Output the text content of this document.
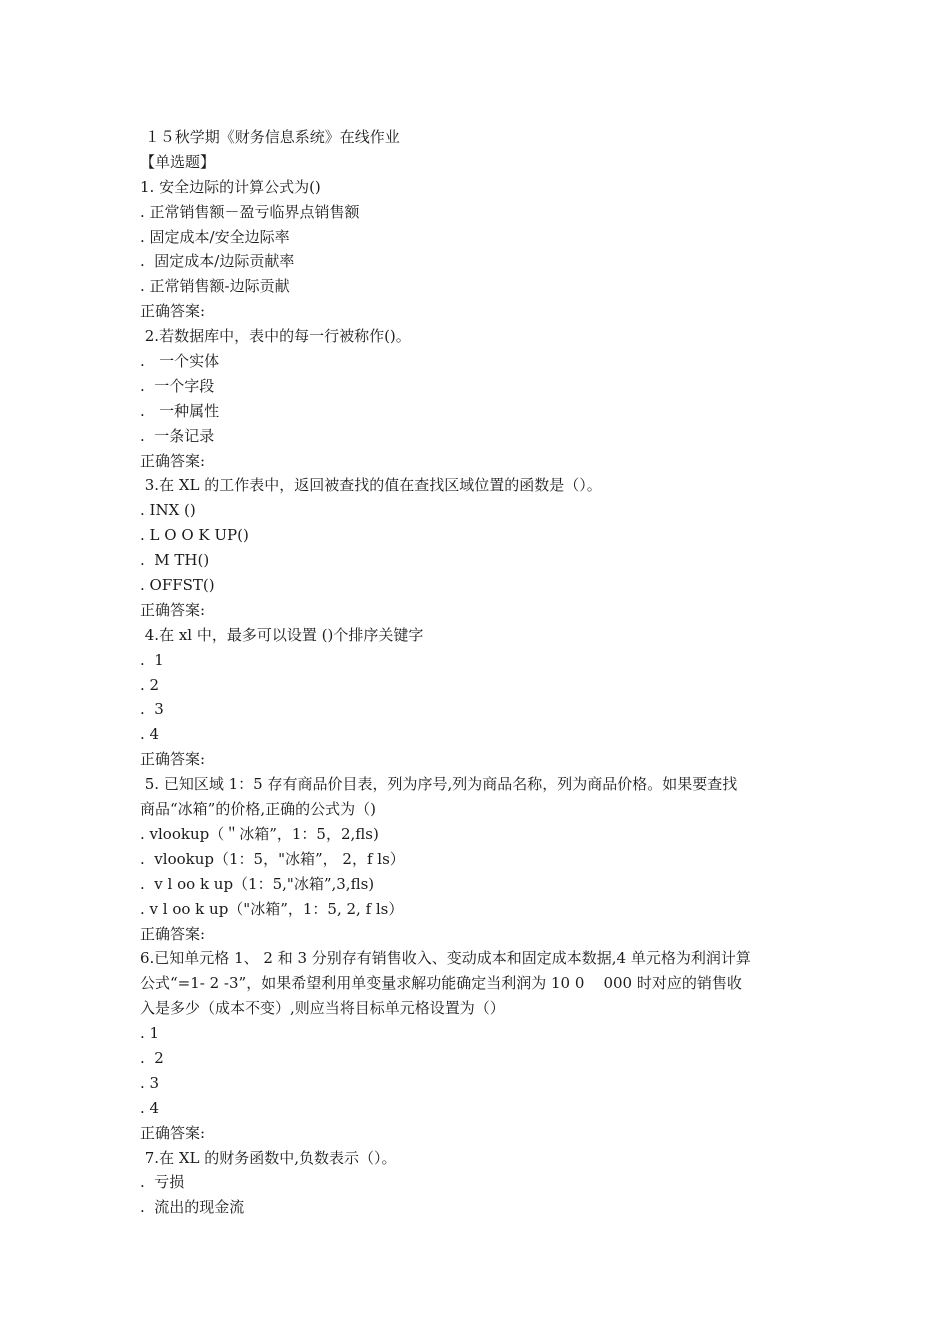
１５秋学期《财务信息系统》在线作业
【单选题】
1. 安全边际的计算公式为()
. 正常销售额－盈亏临界点销售额
. 固定成本/安全边际率
.  固定成本/边际贡献率
. 正常销售额-边际贡献
正确答案:
2.若数据库中，表中的每一行被称作()。
.   一个实体
.  一个字段
.   一种属性
.  一条记录
正确答案:
3.在 XL 的工作表中，返回被查找的值在查找区域位置的函数是（）。
. INX ()
. L O O K UP()
.  M TH()
. OFFST()
正确答案:
4.在 xl 中，最多可以设置 ()个排序关键字
.  1
. 2
.  3
. 4
正确答案:
5. 已知区域 1：5 存有商品价目表，列为序号,列为商品名称，列为商品价格。如果要查找
商品“冰箱”的价格,正确的公式为（)
. vlookup（＂冰箱”，1：5，2,fls)
.  vlookup（1：5，"冰箱”， 2，f ls）
.  v l oo k up（1：5,"冰箱”,3,fls)
. v l oo k up（"冰箱”，1：5, 2, f ls）
正确答案:
6.已知单元格 1、 2 和 3 分别存有销售收入、变动成本和固定成本数据,4 单元格为利润计算
公式“=1- 2 -3”，如果希望利用单变量求解功能确定当利润为 10 0    000 时对应的销售收
入是多少（成本不变）,则应当将目标单元格设置为（）
. 1
.  2
. 3
. 4
正确答案:
7.在 XL 的财务函数中,负数表示（）。
.  亏损
.  流出的现金流
